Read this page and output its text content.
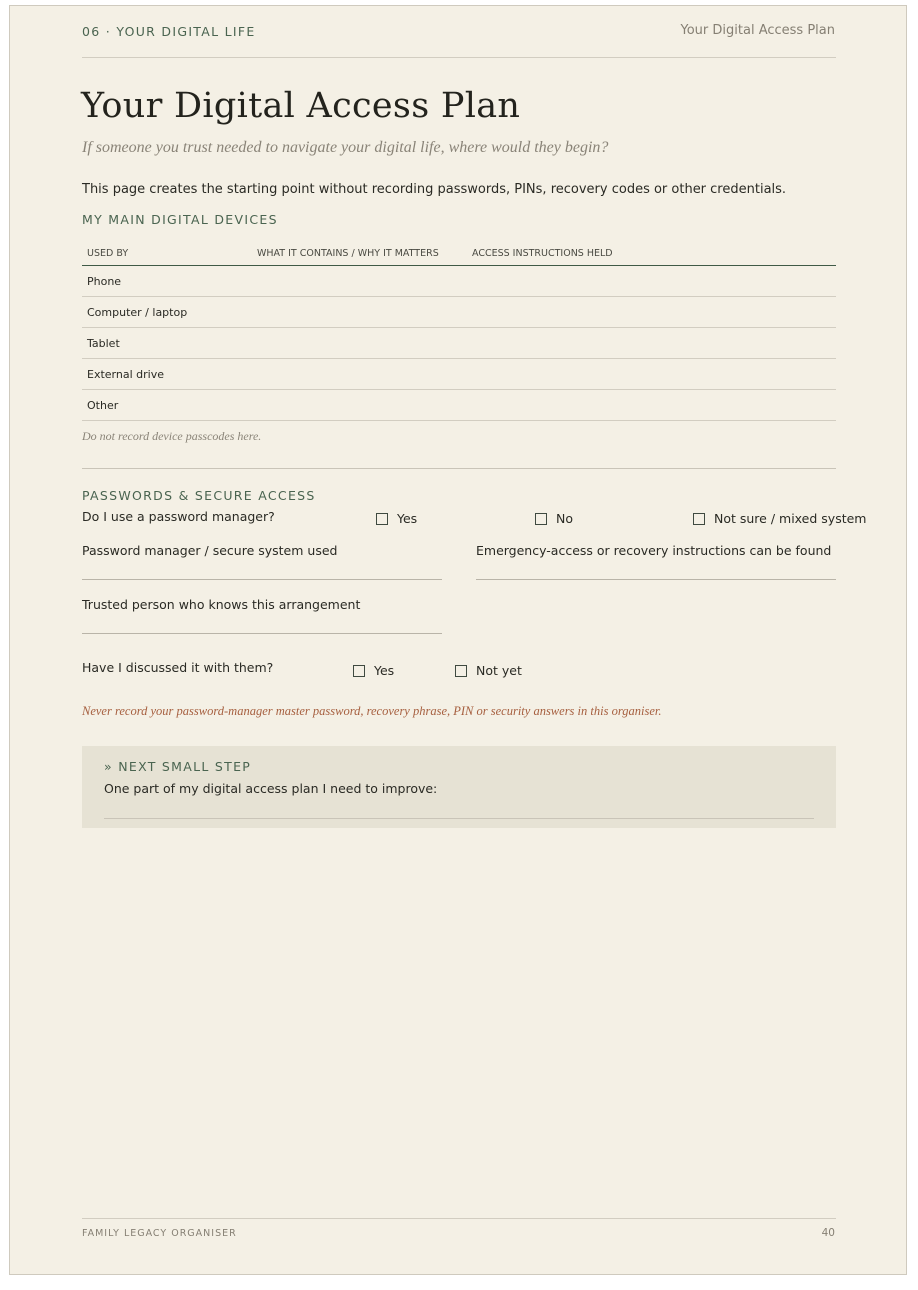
06 · YOUR DIGITAL LIFE	Your Digital Access Plan
Your Digital Access Plan
If someone you trust needed to navigate your digital life, where would they begin?
This page creates the starting point without recording passwords, PINs, recovery codes or other credentials.
MY MAIN DIGITAL DEVICES
USED BY	WHAT IT CONTAINS / WHY IT MATTERS	ACCESS INSTRUCTIONS HELD
Phone		
Computer / laptop		
Tablet		
External drive		
Other		
Do not record device passcodes here.
PASSWORDS & SECURE ACCESS
Do I use a password manager?	Yes	No	Not sure / mixed system
Password manager / secure system used	Emergency-access or recovery instructions can be found
Trusted person who knows this arrangement
Have I discussed it with them?	Yes	Not yet
Never record your password-manager master password, recovery phrase, PIN or security answers in this organiser.
» NEXT SMALL STEP
One part of my digital access plan I need to improve:
FAMILY LEGACY ORGANISER	40
